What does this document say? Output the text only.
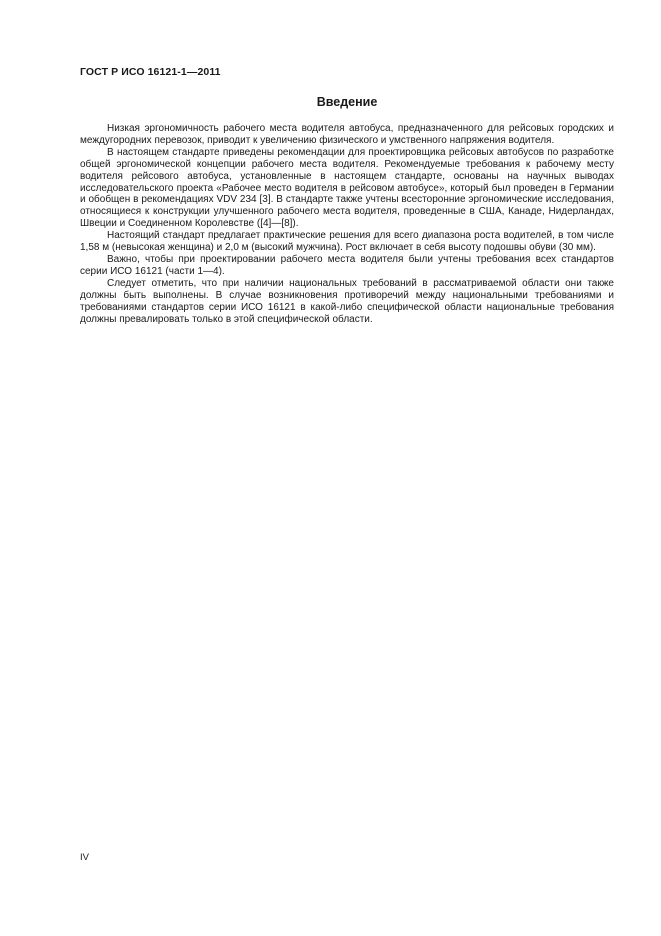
ГОСТ Р ИСО 16121-1—2011
Введение

Низкая эргономичность рабочего места водителя автобуса, предназначенного для рейсовых городских и междугородних перевозок, приводит к увеличению физического и умственного напряжения водителя.

В настоящем стандарте приведены рекомендации для проектировщика рейсовых автобусов по разработке общей эргономической концепции рабочего места водителя. Рекомендуемые требования к рабочему месту водителя рейсового автобуса, установленные в настоящем стандарте, основаны на научных выводах исследовательского проекта «Рабочее место водителя в рейсовом автобусе», который был проведен в Германии и обобщен в рекомендациях VDV 234 [3]. В стандарте также учтены всесторонние эргономические исследования, относящиеся к конструкции улучшенного рабочего места водителя, проведенные в США, Канаде, Нидерландах, Швеции и Соединенном Королевстве ([4]—[8]).

Настоящий стандарт предлагает практические решения для всего диапазона роста водителей, в том числе 1,58 м (невысокая женщина) и 2,0 м (высокий мужчина). Рост включает в себя высоту подошвы обуви (30 мм).

Важно, чтобы при проектировании рабочего места водителя были учтены требования всех стандартов серии ИСО 16121 (части 1—4).

Следует отметить, что при наличии национальных требований в рассматриваемой области они также должны быть выполнены. В случае возникновения противоречий между национальными требованиями и требованиями стандартов серии ИСО 16121 в какой-либо специфической области национальные требования должны превалировать только в этой специфической области.

IV
